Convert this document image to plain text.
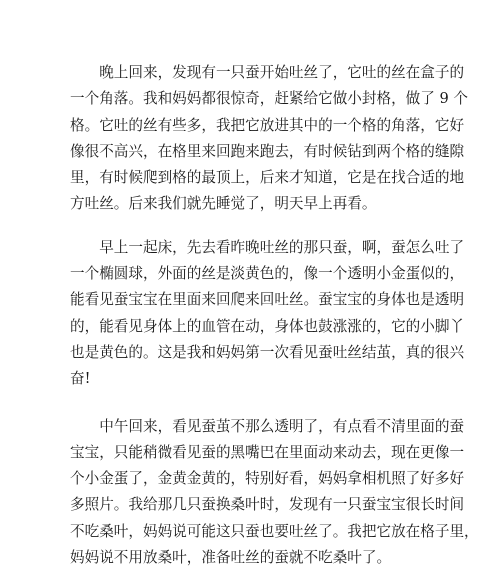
晚上回来，发现有一只蚕开始吐丝了，它吐的丝在盒子的
一个角落。我和妈妈都很惊奇，赶紧给它做小封格，做了 9 个
格。它吐的丝有些多，我把它放进其中的一个格的角落，它好
像很不高兴，在格里来回跑来跑去，有时候钻到两个格的缝隙
里，有时候爬到格的最顶上，后来才知道，它是在找合适的地
方吐丝。后来我们就先睡觉了，明天早上再看。
早上一起床，先去看昨晚吐丝的那只蚕，啊，蚕怎么吐了
一个椭圆球，外面的丝是淡黄色的，像一个透明小金蛋似的，
能看见蚕宝宝在里面来回爬来回吐丝。蚕宝宝的身体也是透明
的，能看见身体上的血管在动，身体也鼓涨涨的，它的小脚丫
也是黄色的。这是我和妈妈第一次看见蚕吐丝结茧，真的很兴
奋!
中午回来，看见蚕茧不那么透明了，有点看不清里面的蚕
宝宝，只能稍微看见蚕的黑嘴巴在里面动来动去，现在更像一
个小金蛋了，金黄金黄的，特别好看，妈妈拿相机照了好多好
多照片。我给那几只蚕换桑叶时，发现有一只蚕宝宝很长时间
不吃桑叶，妈妈说可能这只蚕也要吐丝了。我把它放在格子里，
妈妈说不用放桑叶，准备吐丝的蚕就不吃桑叶了。
